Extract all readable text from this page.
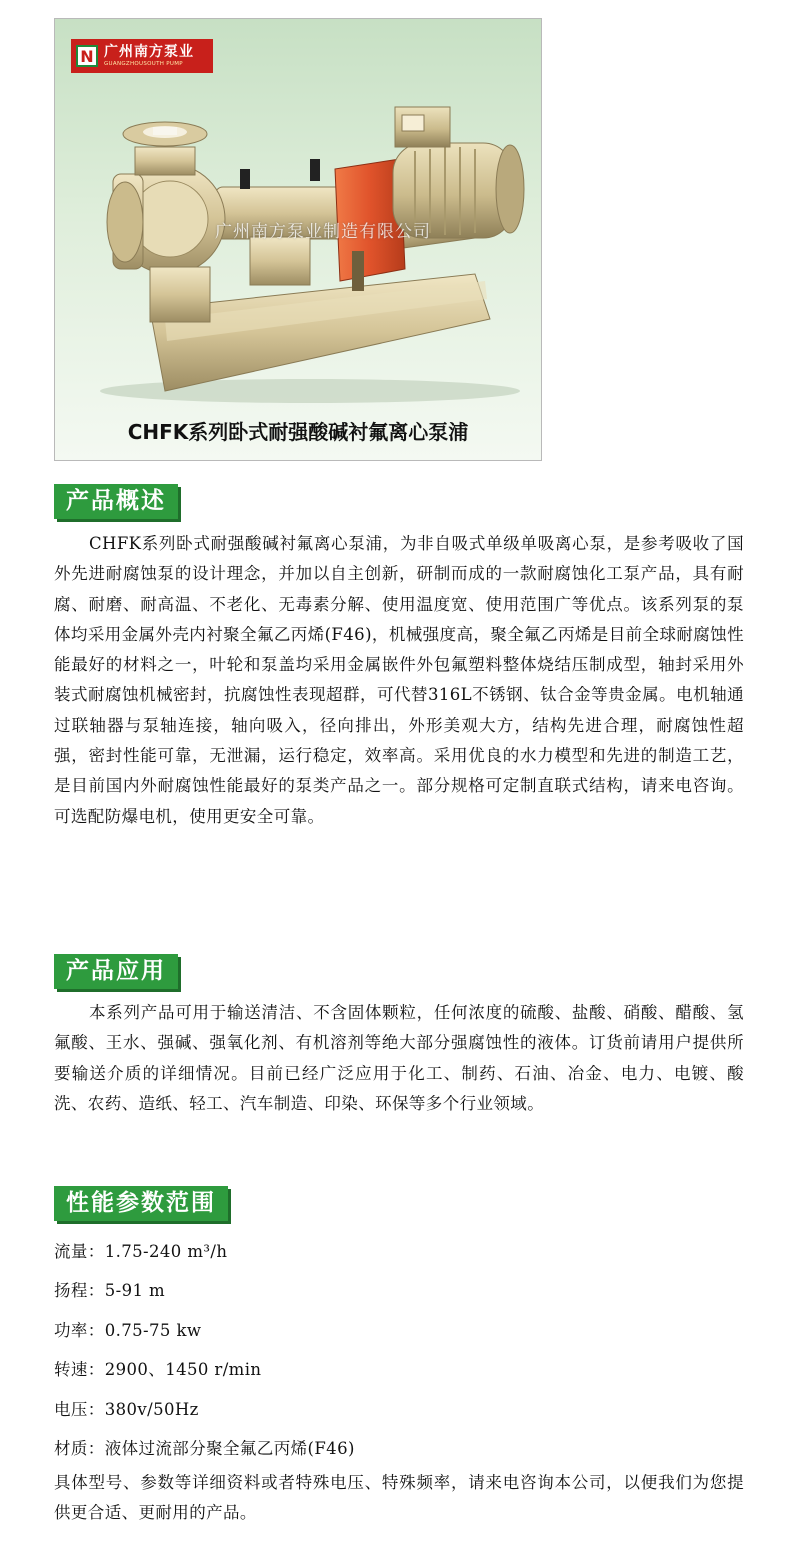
N 广州南方泵业
GUANGZHOUSOUTH PUMP
广州南方泵业制造有限公司
CHFK系列卧式耐强酸碱衬氟离心泵浦
产品概述

CHFK系列卧式耐强酸碱衬氟离心泵浦，为非自吸式单级单吸离心泵，是参考吸收了国外先进耐腐蚀泵的设计理念，并加以自主创新，研制而成的一款耐腐蚀化工泵产品，具有耐腐、耐磨、耐高温、不老化、无毒素分解、使用温度宽、使用范围广等优点。该系列泵的泵体均采用金属外壳内衬聚全氟乙丙烯(F46)，机械强度高，聚全氟乙丙烯是目前全球耐腐蚀性能最好的材料之一，叶轮和泵盖均采用金属嵌件外包氟塑料整体烧结压制成型，轴封采用外装式耐腐蚀机械密封，抗腐蚀性表现超群，可代替316L不锈钢、钛合金等贵金属。电机轴通过联轴器与泵轴连接，轴向吸入，径向排出，外形美观大方，结构先进合理，耐腐蚀性超强，密封性能可靠，无泄漏，运行稳定，效率高。采用优良的水力模型和先进的制造工艺，是目前国内外耐腐蚀性能最好的泵类产品之一。部分规格可定制直联式结构，请来电咨询。可选配防爆电机，使用更安全可靠。

产品应用

本系列产品可用于输送清洁、不含固体颗粒，任何浓度的硫酸、盐酸、硝酸、醋酸、氢氟酸、王水、强碱、强氧化剂、有机溶剂等绝大部分强腐蚀性的液体。订货前请用户提供所要输送介质的详细情况。目前已经广泛应用于化工、制药、石油、冶金、电力、电镀、酸洗、农药、造纸、轻工、汽车制造、印染、环保等多个行业领域。

性能参数范围

流量：1.75-240 m³/h

扬程：5-91 m

功率：0.75-75 kw

转速：2900、1450 r/min

电压：380v/50Hz

材质：液体过流部分聚全氟乙丙烯(F46)

具体型号、参数等详细资料或者特殊电压、特殊频率，请来电咨询本公司，以便我们为您提供更合适、更耐用的产品。
